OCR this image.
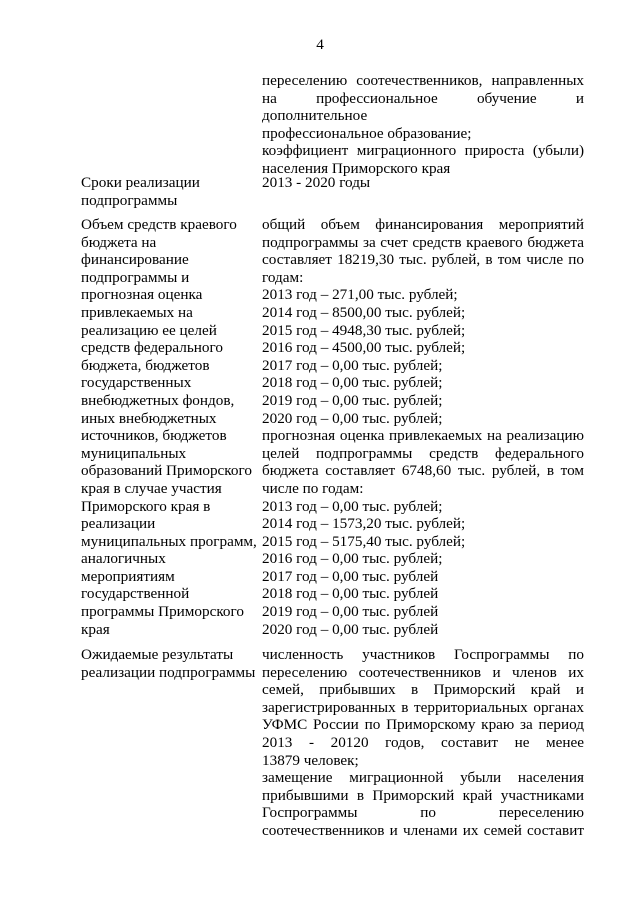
4
переселению соотечественников, направленных
на профессиональное обучение и дополнительное
профессиональное образование;
коэффициент миграционного прироста (убыли)
населения Приморского края
Сроки реализации
подпрограммы
2013 - 2020 годы
Объем средств краевого
бюджета на
финансирование
подпрограммы и
прогнозная оценка
привлекаемых на
реализацию ее целей
средств федерального
бюджета, бюджетов
государственных
внебюджетных фондов,
иных внебюджетных
источников, бюджетов
муниципальных
образований Приморского
края в случае участия
Приморского края в
реализации
муниципальных программ,
аналогичных
мероприятиям
государственной
программы Приморского
края
общий объем финансирования мероприятий
подпрограммы за счет средств краевого бюджета
составляет 18219,30 тыс. рублей, в том числе по
годам:
2013 год – 271,00 тыс. рублей;
2014 год – 8500,00 тыс. рублей;
2015 год – 4948,30 тыс. рублей;
2016 год – 4500,00 тыс. рублей;
2017 год – 0,00 тыс. рублей;
2018 год – 0,00 тыс. рублей;
2019 год – 0,00 тыс. рублей;
2020 год – 0,00 тыс. рублей;
прогнозная оценка привлекаемых на реализацию
целей подпрограммы средств федерального
бюджета составляет 6748,60 тыс. рублей, в том
числе по годам:
2013 год – 0,00 тыс. рублей;
2014 год – 1573,20 тыс. рублей;
2015 год – 5175,40 тыс. рублей;
2016 год – 0,00 тыс. рублей;
2017 год – 0,00 тыс. рублей
2018 год – 0,00 тыс. рублей
2019 год – 0,00 тыс. рублей
2020 год – 0,00 тыс. рублей
Ожидаемые результаты
реализации подпрограммы
численность участников Госпрограммы по
переселению соотечественников и членов их
семей, прибывших в Приморский край и
зарегистрированных в территориальных органах
УФМС России по Приморскому краю за период
2013 - 20120 годов, составит не менее
13879 человек;
замещение миграционной убыли населения
прибывшими в Приморский край участниками
Госпрограммы по переселению
соотечественников и членами их семей составит
